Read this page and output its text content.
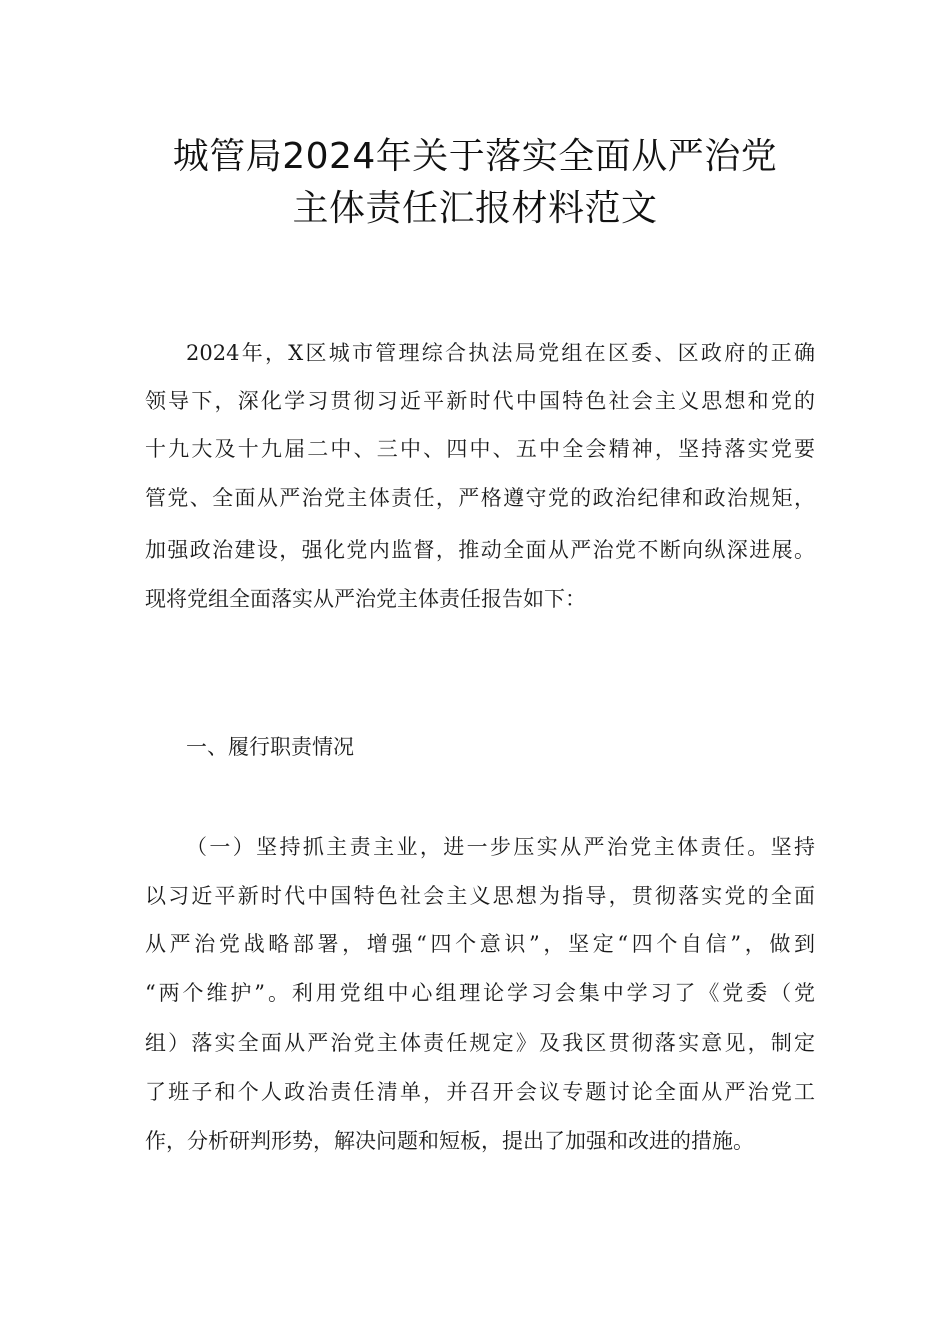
城管局2024年关于落实全面从严治党
主体责任汇报材料范文
2024年，X区城市管理综合执法局党组在区委、区政府的正确
领导下，深化学习贯彻习近平新时代中国特色社会主义思想和党的
十九大及十九届二中、三中、四中、五中全会精神，坚持落实党要
管党、全面从严治党主体责任，严格遵守党的政治纪律和政治规矩，
加强政治建设，强化党内监督，推动全面从严治党不断向纵深进展。
现将党组全面落实从严治党主体责任报告如下：
一、履行职责情况
（一）坚持抓主责主业，进一步压实从严治党主体责任。坚持
以习近平新时代中国特色社会主义思想为指导，贯彻落实党的全面
从严治党战略部署，增强“四个意识”，坚定“四个自信”，做到
“两个维护”。利用党组中心组理论学习会集中学习了《党委（党
组）落实全面从严治党主体责任规定》及我区贯彻落实意见，制定
了班子和个人政治责任清单，并召开会议专题讨论全面从严治党工
作，分析研判形势，解决问题和短板，提出了加强和改进的措施。
